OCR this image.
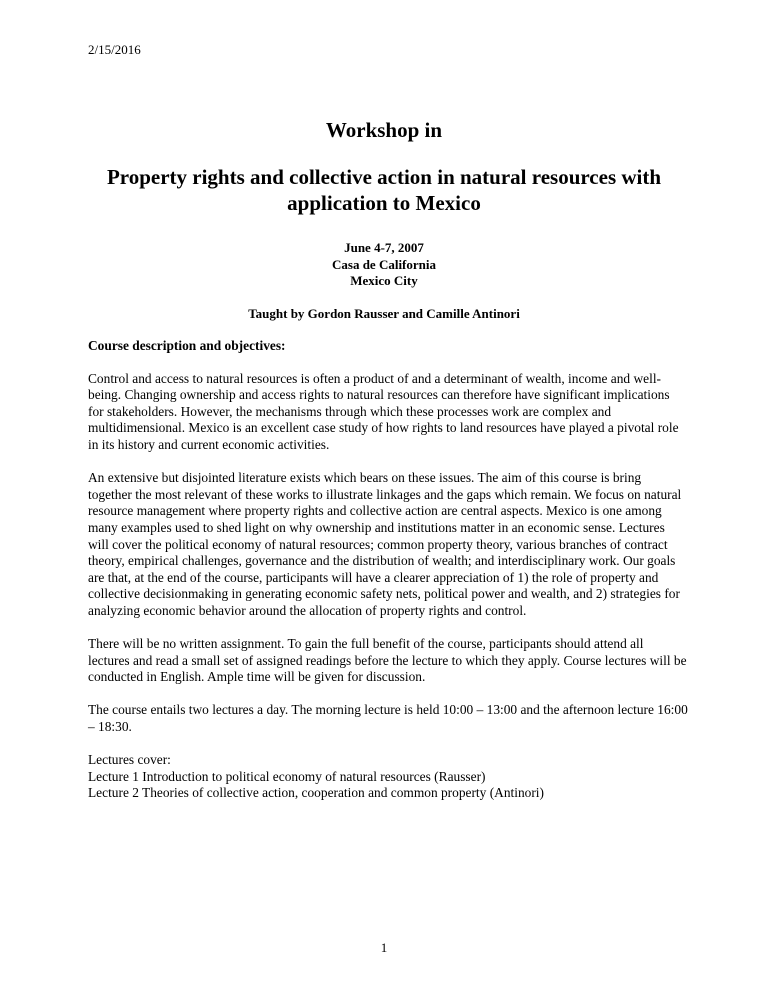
2/15/2016
Workshop in
Property rights and collective action in natural resources with application to Mexico
June 4-7, 2007
Casa de California
Mexico City
Taught by Gordon Rausser and Camille Antinori
Course description and objectives:

Control and access to natural resources is often a product of and a determinant of wealth, income and well-being. Changing ownership and access rights to natural resources can therefore have significant implications for stakeholders. However, the mechanisms through which these processes work are complex and multidimensional. Mexico is an excellent case study of how rights to land resources have played a pivotal role in its history and current economic activities.

An extensive but disjointed literature exists which bears on these issues. The aim of this course is bring together the most relevant of these works to illustrate linkages and the gaps which remain. We focus on natural resource management where property rights and collective action are central aspects. Mexico is one among many examples used to shed light on why ownership and institutions matter in an economic sense. Lectures will cover the political economy of natural resources; common property theory, various branches of contract theory, empirical challenges, governance and the distribution of wealth; and interdisciplinary work. Our goals are that, at the end of the course, participants will have a clearer appreciation of 1) the role of property and collective decisionmaking in generating economic safety nets, political power and wealth, and 2) strategies for analyzing economic behavior around the allocation of property rights and control.

There will be no written assignment. To gain the full benefit of the course, participants should attend all lectures and read a small set of assigned readings before the lecture to which they apply. Course lectures will be conducted in English. Ample time will be given for discussion.

The course entails two lectures a day. The morning lecture is held 10:00 – 13:00 and the afternoon lecture 16:00 – 18:30.

Lectures cover:

Lecture 1 Introduction to political economy of natural resources (Rausser)

Lecture 2 Theories of collective action, cooperation and common property (Antinori)

1
